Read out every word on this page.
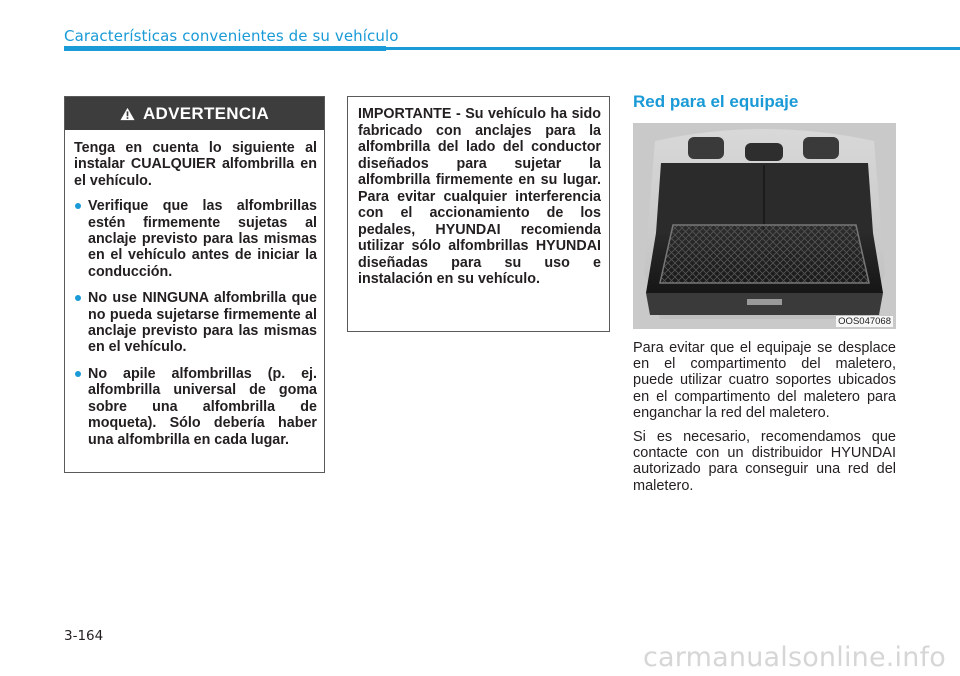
Características convenientes de su vehículo
ADVERTENCIA

Tenga en cuenta lo siguiente al instalar CUALQUIER alfombrilla en el vehículo.

Verifique que las alfombrillas estén firmemente sujetas al anclaje previsto para las mismas en el vehículo antes de iniciar la conducción.
No use NINGUNA alfombrilla que no pueda sujetarse firmemente al anclaje previsto para las mismas en el vehículo.
No apile alfombrillas (p. ej. alfombrilla universal de goma sobre una alfombrilla de moqueta). Sólo debería haber una alfombrilla en cada lugar.
IMPORTANTE - Su vehículo ha sido fabricado con anclajes para la alfombrilla del lado del conductor diseñados para sujetar la alfombrilla firmemente en su lugar. Para evitar cualquier interferencia con el accionamiento de los pedales, HYUNDAI recomienda utilizar sólo alfombrillas HYUNDAI diseñadas para su uso e instalación en su vehículo.
Red para el equipaje
OOS047068

Para evitar que el equipaje se desplace en el compartimento del maletero, puede utilizar cuatro soportes ubicados en el compartimento del maletero para enganchar la red del maletero.

Si es necesario, recomendamos que contacte con un distribuidor HYUNDAI autorizado para conseguir una red del maletero.

3-164
carmanualsonline.info
